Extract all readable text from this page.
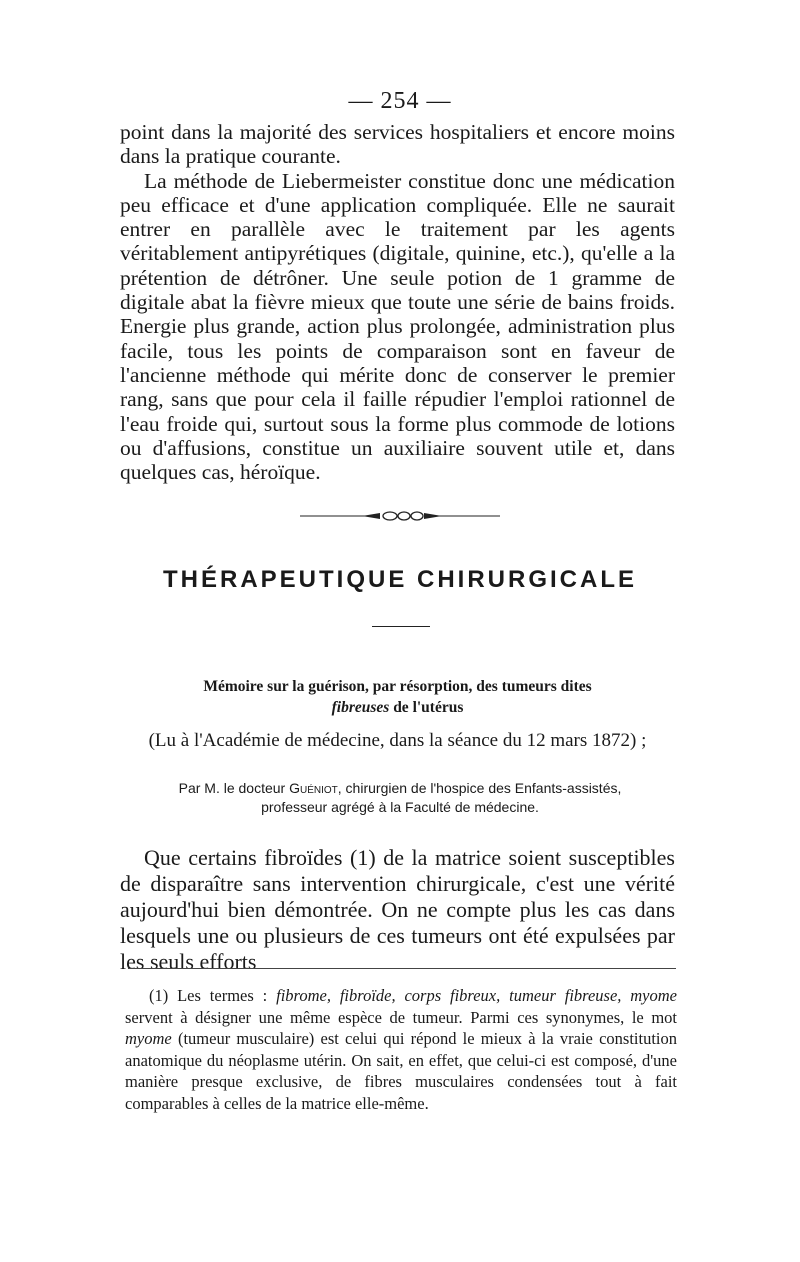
— 254 —

point dans la majorité des services hospitaliers et encore moins dans la pratique courante.

La méthode de Liebermeister constitue donc une médication peu efficace et d'une application compliquée. Elle ne saurait entrer en parallèle avec le traitement par les agents véritablement antipyrétiques (digitale, quinine, etc.), qu'elle a la prétention de détrôner. Une seule potion de 1 gramme de digitale abat la fièvre mieux que toute une série de bains froids. Energie plus grande, action plus prolongée, administration plus facile, tous les points de comparaison sont en faveur de l'ancienne méthode qui mérite donc de conserver le premier rang, sans que pour cela il faille répudier l'emploi rationnel de l'eau froide qui, surtout sous la forme plus commode de lotions ou d'affusions, constitue un auxiliaire souvent utile et, dans quelques cas, héroïque.

THÉRAPEUTIQUE CHIRURGICALE
Mémoire sur la guérison, par résorption, des tumeurs dites
fibreuses de l'utérus
(Lu à l'Académie de médecine, dans la séance du 12 mars 1872) ;
Par M. le docteur Guéniot, chirurgien de l'hospice des Enfants-assistés,
professeur agrégé à la Faculté de médecine.

Que certains fibroïdes (1) de la matrice soient susceptibles de disparaître sans intervention chirurgicale, c'est une vérité aujourd'hui bien démontrée. On ne compte plus les cas dans lesquels une ou plusieurs de ces tumeurs ont été expulsées par les seuls efforts

(1) Les termes : fibrome, fibroïde, corps fibreux, tumeur fibreuse, myome servent à désigner une même espèce de tumeur. Parmi ces synonymes, le mot myome (tumeur musculaire) est celui qui répond le mieux à la vraie constitution anatomique du néoplasme utérin. On sait, en effet, que celui-ci est composé, d'une manière presque exclusive, de fibres musculaires condensées tout à fait comparables à celles de la matrice elle-même.
